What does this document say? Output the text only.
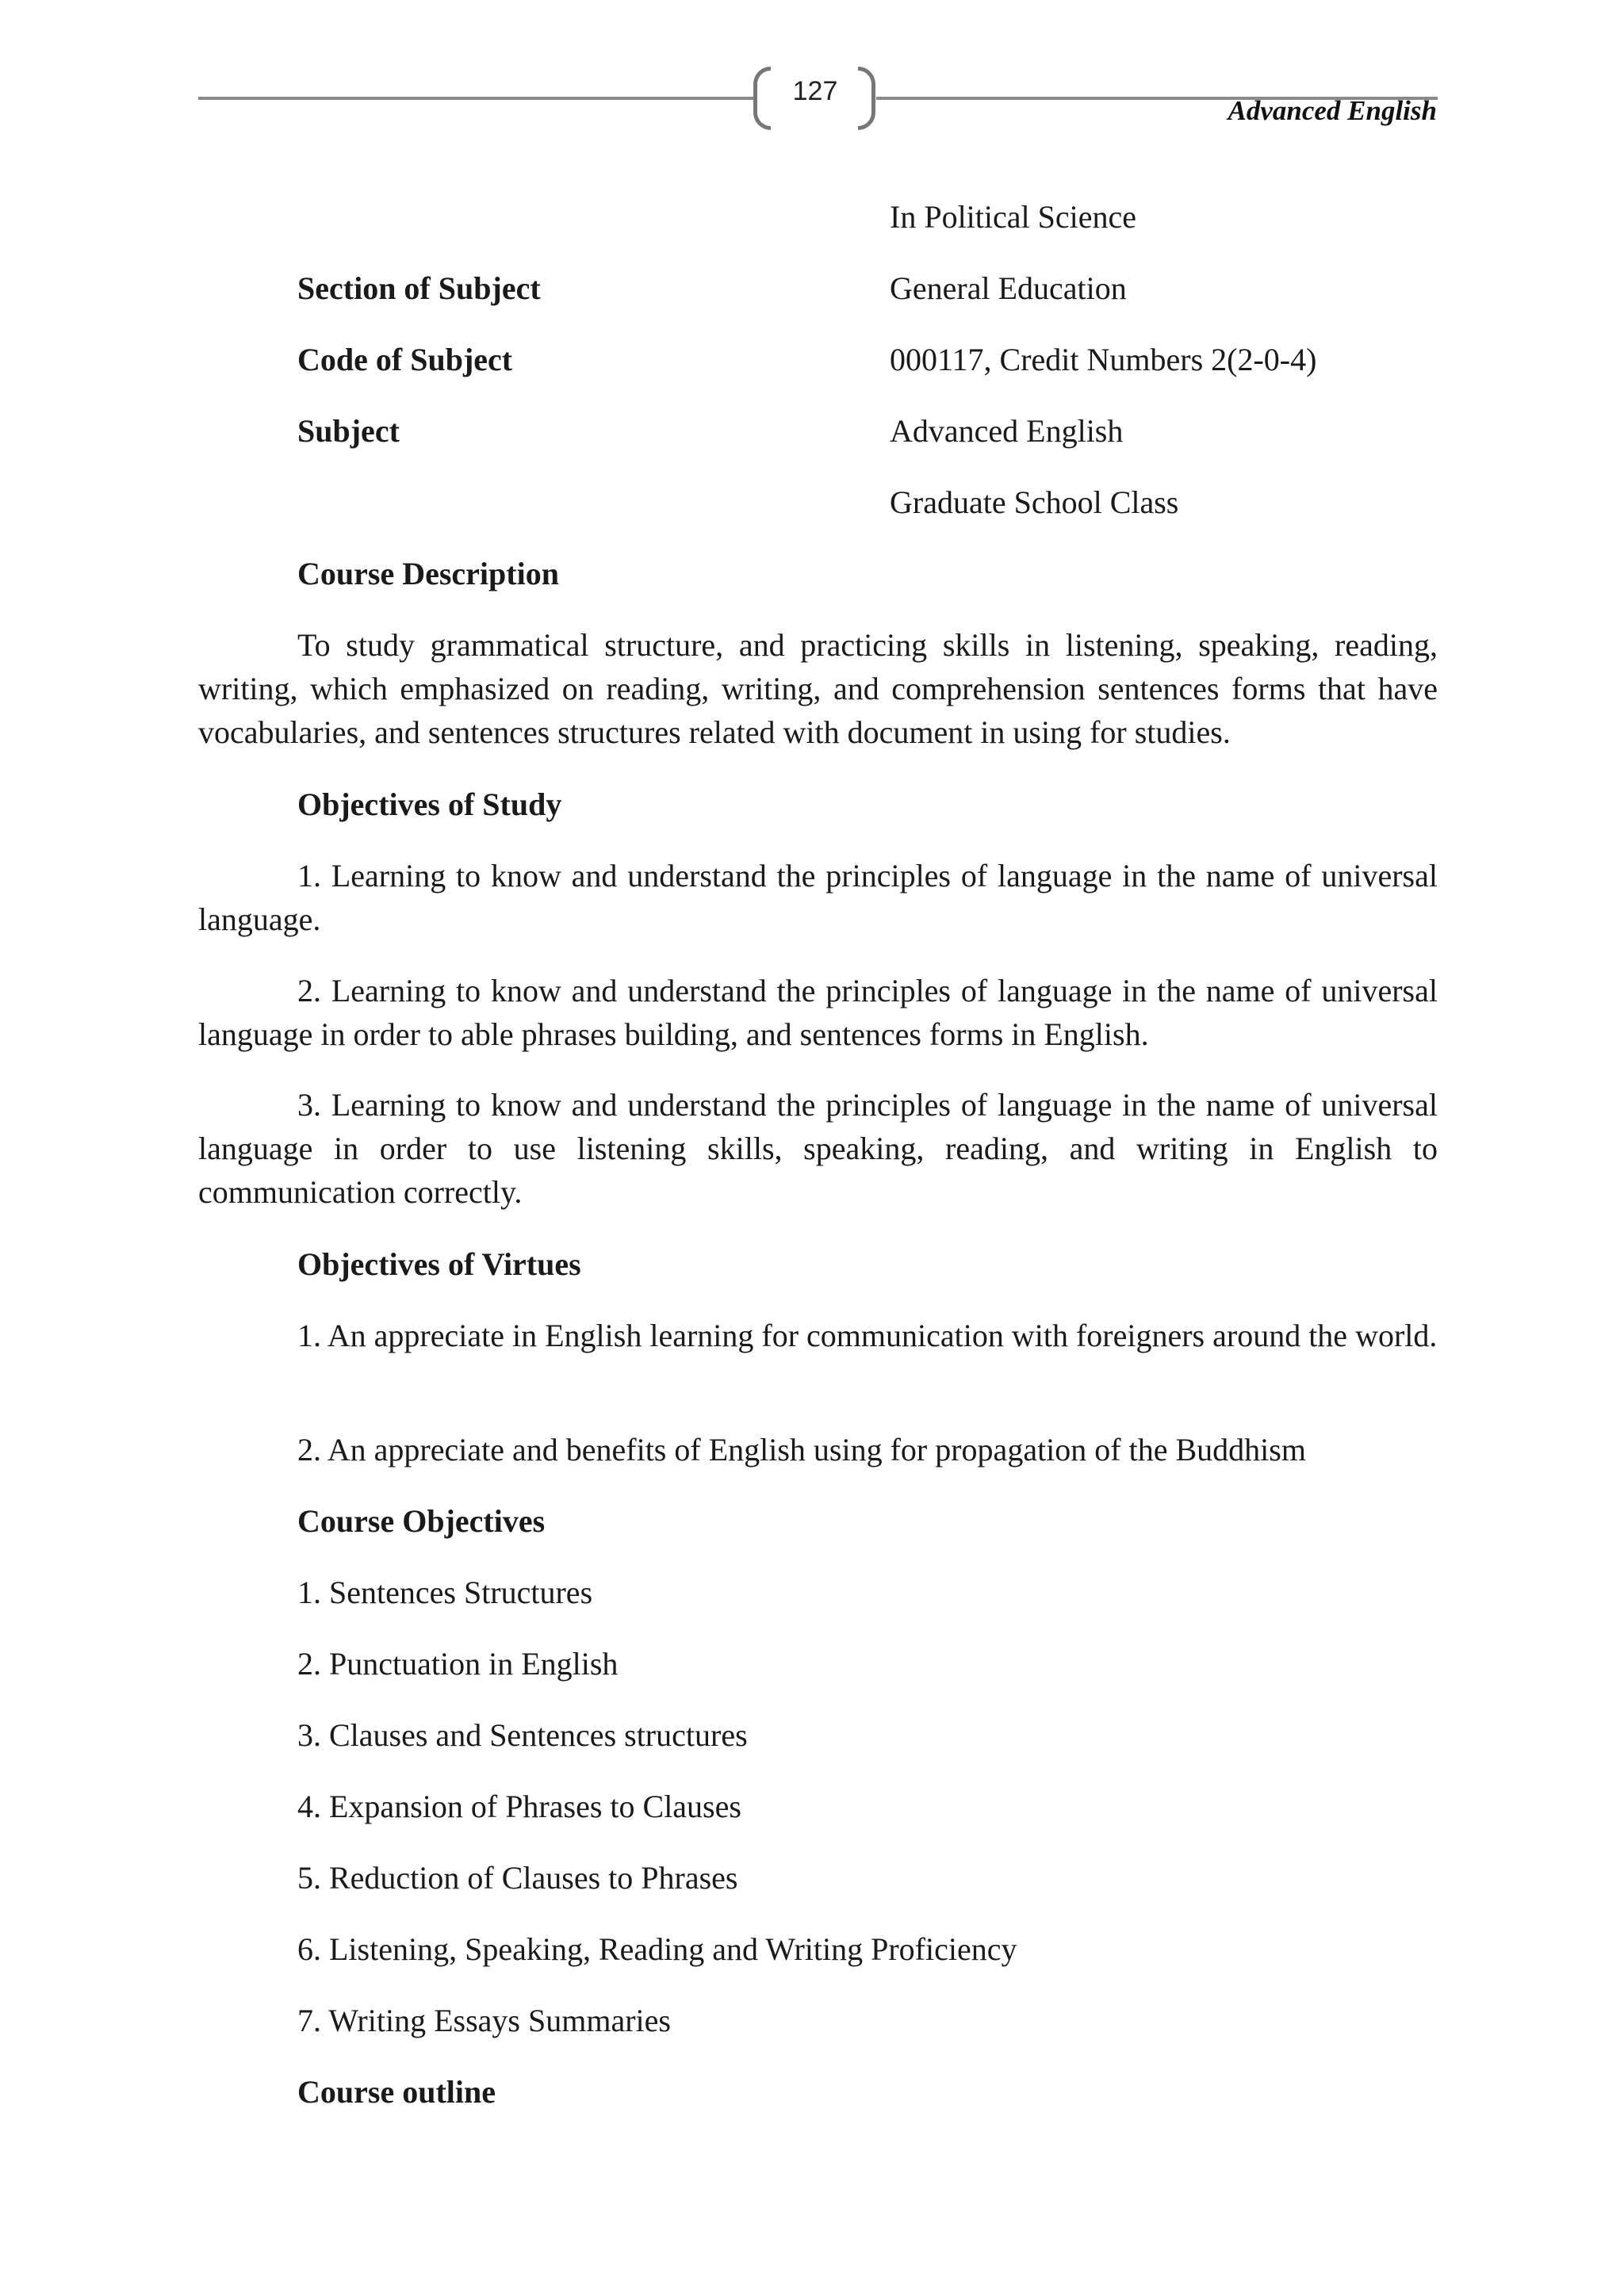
127
Advanced English
In Political Science
Section of Subject	General Education
Code of Subject	000117, Credit Numbers 2(2-0-4)
Subject	Advanced English
Graduate School Class
Course Description
To study grammatical structure, and practicing skills in listening, speaking, reading, writing, which emphasized on reading, writing, and comprehension sentences forms that have vocabularies, and sentences structures related with document in using for studies.
Objectives of Study
1. Learning to know and understand the principles of language in the name of universal language.
2. Learning to know and understand the principles of language in the name of universal language in order to able phrases building, and sentences forms in English.
3. Learning to know and understand the principles of language in the name of universal language in order to use listening skills, speaking, reading, and writing in English to communication correctly.
Objectives of Virtues
1. An appreciate in English learning for communication with foreigners around the world.
2. An appreciate and benefits of English using for propagation of the Buddhism
Course Objectives
1. Sentences Structures
2. Punctuation in English
3. Clauses and Sentences structures
4. Expansion of Phrases to Clauses
5. Reduction of Clauses to Phrases
6. Listening, Speaking, Reading and Writing Proficiency
7. Writing Essays Summaries
Course outline
